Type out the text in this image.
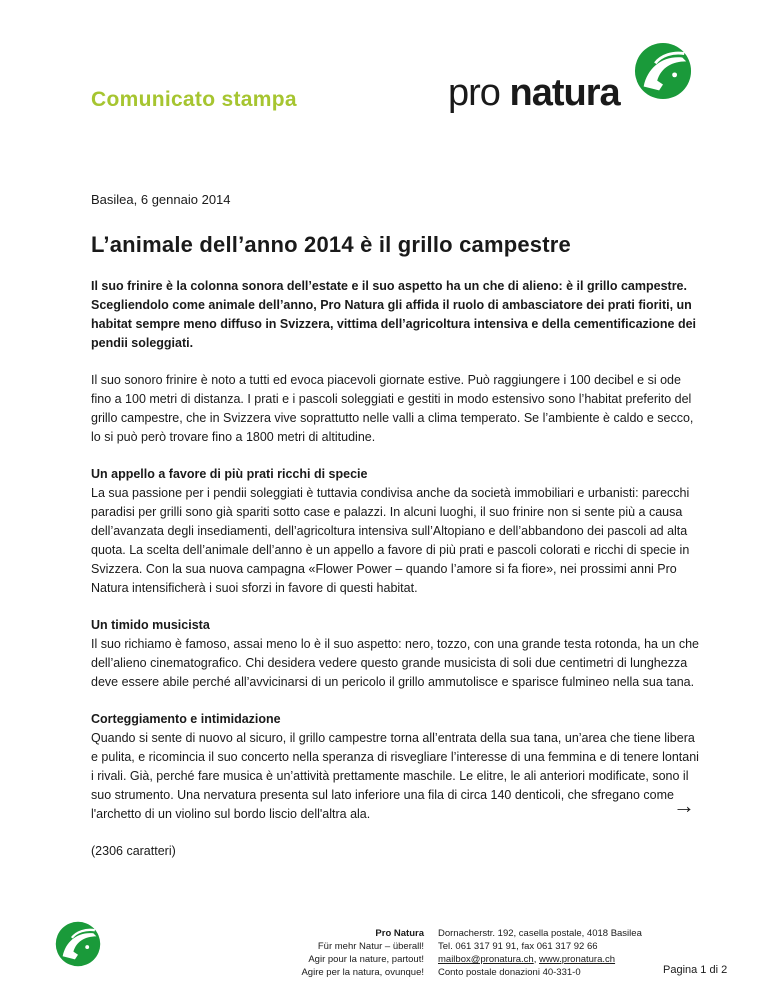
Comunicato stampa	pro natura
Basilea, 6 gennaio 2014
L’animale dell’anno 2014 è il grillo campestre

Il suo frinire è la colonna sonora dell’estate e il suo aspetto ha un che di alieno: è il grillo campestre. Scegliendolo come animale dell’anno, Pro Natura gli affida il ruolo di ambasciatore dei prati fioriti, un habitat sempre meno diffuso in Svizzera, vittima dell’agricoltura intensiva e della cementificazione dei pendii soleggiati.

Il suo sonoro frinire è noto a tutti ed evoca piacevoli giornate estive. Può raggiungere i 100 decibel e si ode fino a 100 metri di distanza. I prati e i pascoli soleggiati e gestiti in modo estensivo sono l’habitat preferito del grillo campestre, che in Svizzera vive soprattutto nelle valli a clima temperato. Se l’ambiente è caldo e secco, lo si può però trovare fino a 1800 metri di altitudine.

Un appello a favore di più prati ricchi di specie
La sua passione per i pendii soleggiati è tuttavia condivisa anche da società immobiliari e urbanisti: parecchi paradisi per grilli sono già spariti sotto case e palazzi. In alcuni luoghi, il suo frinire non si sente più a causa dell’avanzata degli insediamenti, dell’agricoltura intensiva sull’Altopiano e dell’abbandono dei pascoli ad alta quota. La scelta dell’animale dell’anno è un appello a favore di più prati e pascoli colorati e ricchi di specie in Svizzera. Con la sua nuova campagna «Flower Power – quando l’amore si fa fiore», nei prossimi anni Pro Natura intensificherà i suoi sforzi in favore di questi habitat.

Un timido musicista
Il suo richiamo è famoso, assai meno lo è il suo aspetto: nero, tozzo, con una grande testa rotonda, ha un che dell’alieno cinematografico. Chi desidera vedere questo grande musicista di soli due centimetri di lunghezza deve essere abile perché all’avvicinarsi di un pericolo il grillo ammutolisce e sparisce fulmineo nella sua tana.

Corteggiamento e intimidazione
Quando si sente di nuovo al sicuro, il grillo campestre torna all’entrata della sua tana, un’area che tiene libera e pulita, e ricomincia il suo concerto nella speranza di risvegliare l’interesse di una femmina e di tenere lontani i rivali. Già, perché fare musica è un’attività prettamente maschile. Le elitre, le ali anteriori modificate, sono il suo strumento. Una nervatura presenta sul lato inferiore una fila di circa 140 denticoli, che sfregano come l'archetto di un violino sul bordo liscio dell'altra ala.

(2306 caratteri)

→
Pro Natura
Für mehr Natur – überall!
Agir pour la nature, partout!
Agire per la natura, ovunque!
Dornacherstr. 192, casella postale, 4018 Basilea
Tel. 061 317 91 91, fax 061 317 92 66
mailbox@pronatura.ch, www.pronatura.ch
Conto postale donazioni 40-331-0	Pagina 1 di 2
